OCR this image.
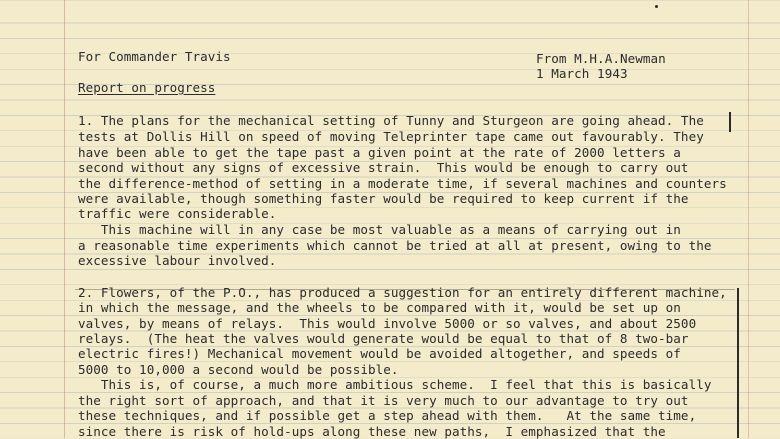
For Commander Travis	From M.H.A.Newman
1 March 1943
Report on progress
1. The plans for the mechanical setting of Tunny and Sturgeon are going ahead. The
tests at Dollis Hill on speed of moving Teleprinter tape came out favourably. They
have been able to get the tape past a given point at the rate of 2000 letters a
second without any signs of excessive strain.  This would be enough to carry out
the difference-method of setting in a moderate time, if several machines and counters
were available, though something faster would be required to keep current if the
traffic were considerable.
This machine will in any case be most valuable as a means of carrying out in
a reasonable time experiments which cannot be tried at all at present, owing to the
excessive labour involved.
2. Flowers, of the P.O., has produced a suggestion for an entirely different machine,
in which the message, and the wheels to be compared with it, would be set up on
valves, by means of relays.  This would involve 5000 or so valves, and about 2500
relays.  (The heat the valves would generate would be equal to that of 8 two-bar
electric fires!) Mechanical movement would be avoided altogether, and speeds of
5000 to 10,000 a second would be possible.
This is, of course, a much more ambitious scheme.  I feel that this is basically
the right sort of approach, and that it is very much to our advantage to try out
these techniques, and if possible get a step ahead with them.   At the same time,
since there is risk of hold-ups along these new paths,  I emphasized that the
